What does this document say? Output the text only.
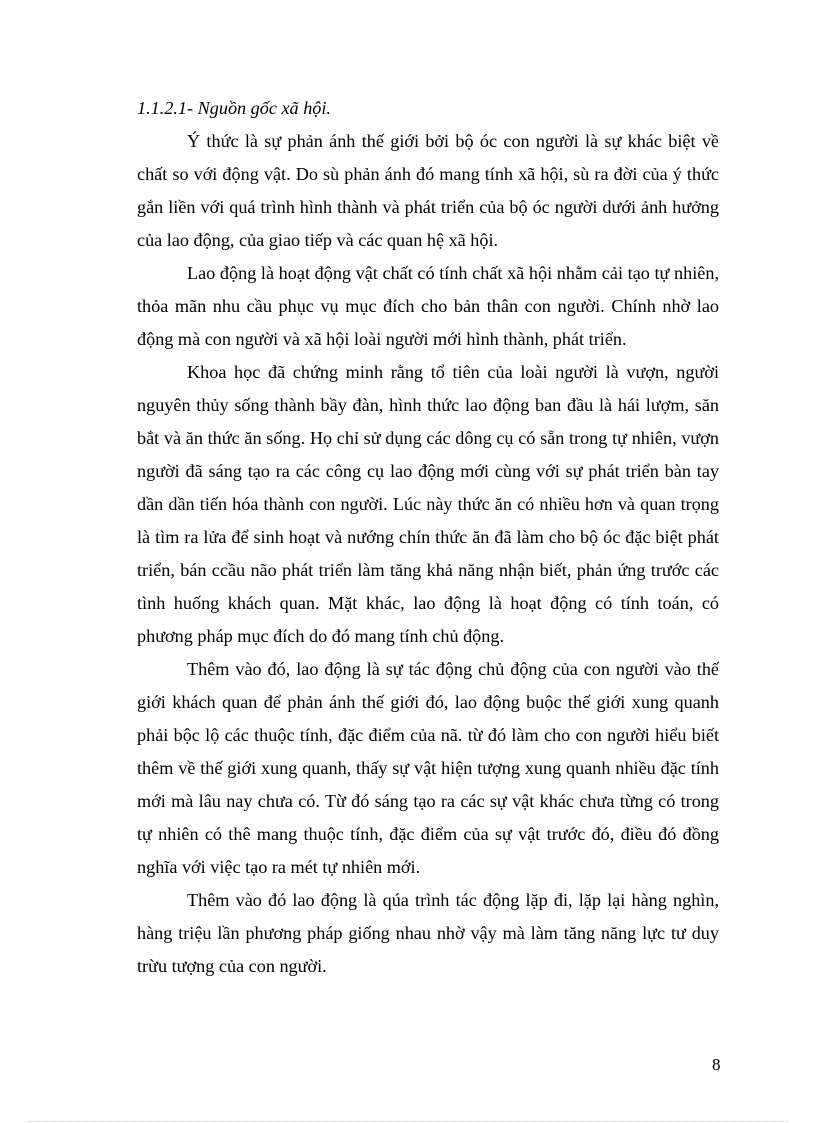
1.1.2.1- Nguồn gốc xã hội.

Ý thức là sự phản ánh thế giới bởi bộ óc con người là sự khác biệt về chất so với động vật. Do sù phản ánh đó mang tính xã hội, sù ra đời của ý thức gắn liền với quá trình hình thành và phát triển của bộ óc người dưới ảnh hưởng của lao động, của giao tiếp và các quan hệ xã hội.

Lao động là hoạt động vật chất có tính chất xã hội nhằm cải tạo tự nhiên, thỏa mãn nhu cầu phục vụ mục đích cho bản thân con người. Chính nhờ lao động mà con người và xã hội loài người mới hình thành, phát triển.

Khoa học đã chứng minh rằng tổ tiên của loài người là vượn, người nguyên thủy sống thành bầy đàn, hình thức lao động ban đầu là hái lượm, săn bắt và ăn thức ăn sống. Họ chỉ sử dụng các dông cụ có sẵn trong tự nhiên, vượn người đã sáng tạo ra các công cụ lao động mới cùng với sự phát triển bàn tay dần dần tiến hóa thành con người. Lúc này thức ăn có nhiều hơn và quan trọng là tìm ra lửa để sinh hoạt và nướng chín thức ăn đã làm cho bộ óc đặc biệt phát triển, bán ccầu não phát triển làm tăng khả năng nhận biết, phản ứng trước các tình huống khách quan. Mặt khác, lao động là hoạt động có tính toán, có phương pháp mục đích do đó mang tính chủ động.

Thêm vào đó, lao động là sự tác động chủ động của con người vào thế giới khách quan để phản ánh thế giới đó, lao động buộc thế giới xung quanh phải bộc lộ các thuộc tính, đặc điểm của nã. từ đó làm cho con người hiểu biết thêm về thế giới xung quanh, thấy sự vật hiện tượng xung quanh nhiều đặc tính mới mà lâu nay chưa có. Từ đó sáng tạo ra các sự vật khác chưa từng có trong tự nhiên có thê mang thuộc tính, đặc điểm của sự vật trước đó, điều đó đồng nghĩa với việc tạo ra mét tự nhiên mới.

Thêm vào đó lao động là qúa trình tác động lặp đi, lặp lại hàng nghìn, hàng triệu lần phương pháp giống nhau nhờ vậy mà làm tăng năng lực tư duy trừu tượng của con người.

8
